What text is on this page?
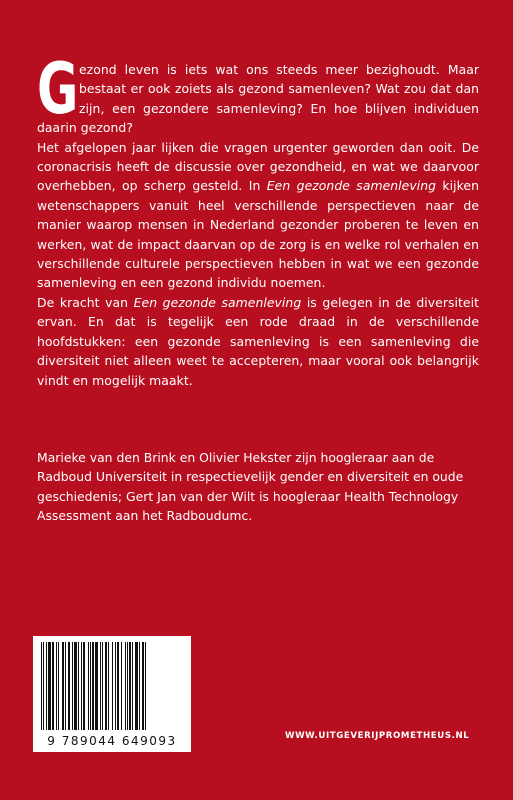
Gezond leven is iets wat ons steeds meer bezighoudt. Maar bestaat er ook zoiets als gezond samenleven? Wat zou dat dan zijn, een gezondere samenleving? En hoe blijven individuen daarin gezond?

Het afgelopen jaar lijken die vragen urgenter geworden dan ooit. De coronacrisis heeft de discussie over gezondheid, en wat we daarvoor overhebben, op scherp gesteld. In Een gezonde samenleving kijken wetenschappers vanuit heel verschillende perspectieven naar de manier waarop mensen in Nederland gezonder proberen te leven en werken, wat de impact daarvan op de zorg is en welke rol verhalen en verschillende culturele perspectieven hebben in wat we een gezonde samenleving en een gezond individu noemen.

De kracht van Een gezonde samenleving is gelegen in de diversiteit ervan. En dat is tegelijk een rode draad in de verschillende hoofdstukken: een gezonde samenleving is een samenleving die diversiteit niet alleen weet te accepteren, maar vooral ook belangrijk vindt en mogelijk maakt.

Marieke van den Brink en Olivier Hekster zijn hoogleraar aan de Radboud Universiteit in respectievelijk gender en diversiteit en oude geschiedenis; Gert Jan van der Wilt is hoogleraar Health Technology Assessment aan het Radboudumc.

9 789044 649093	WWW.UITGEVERIJPROMETHEUS.NL
